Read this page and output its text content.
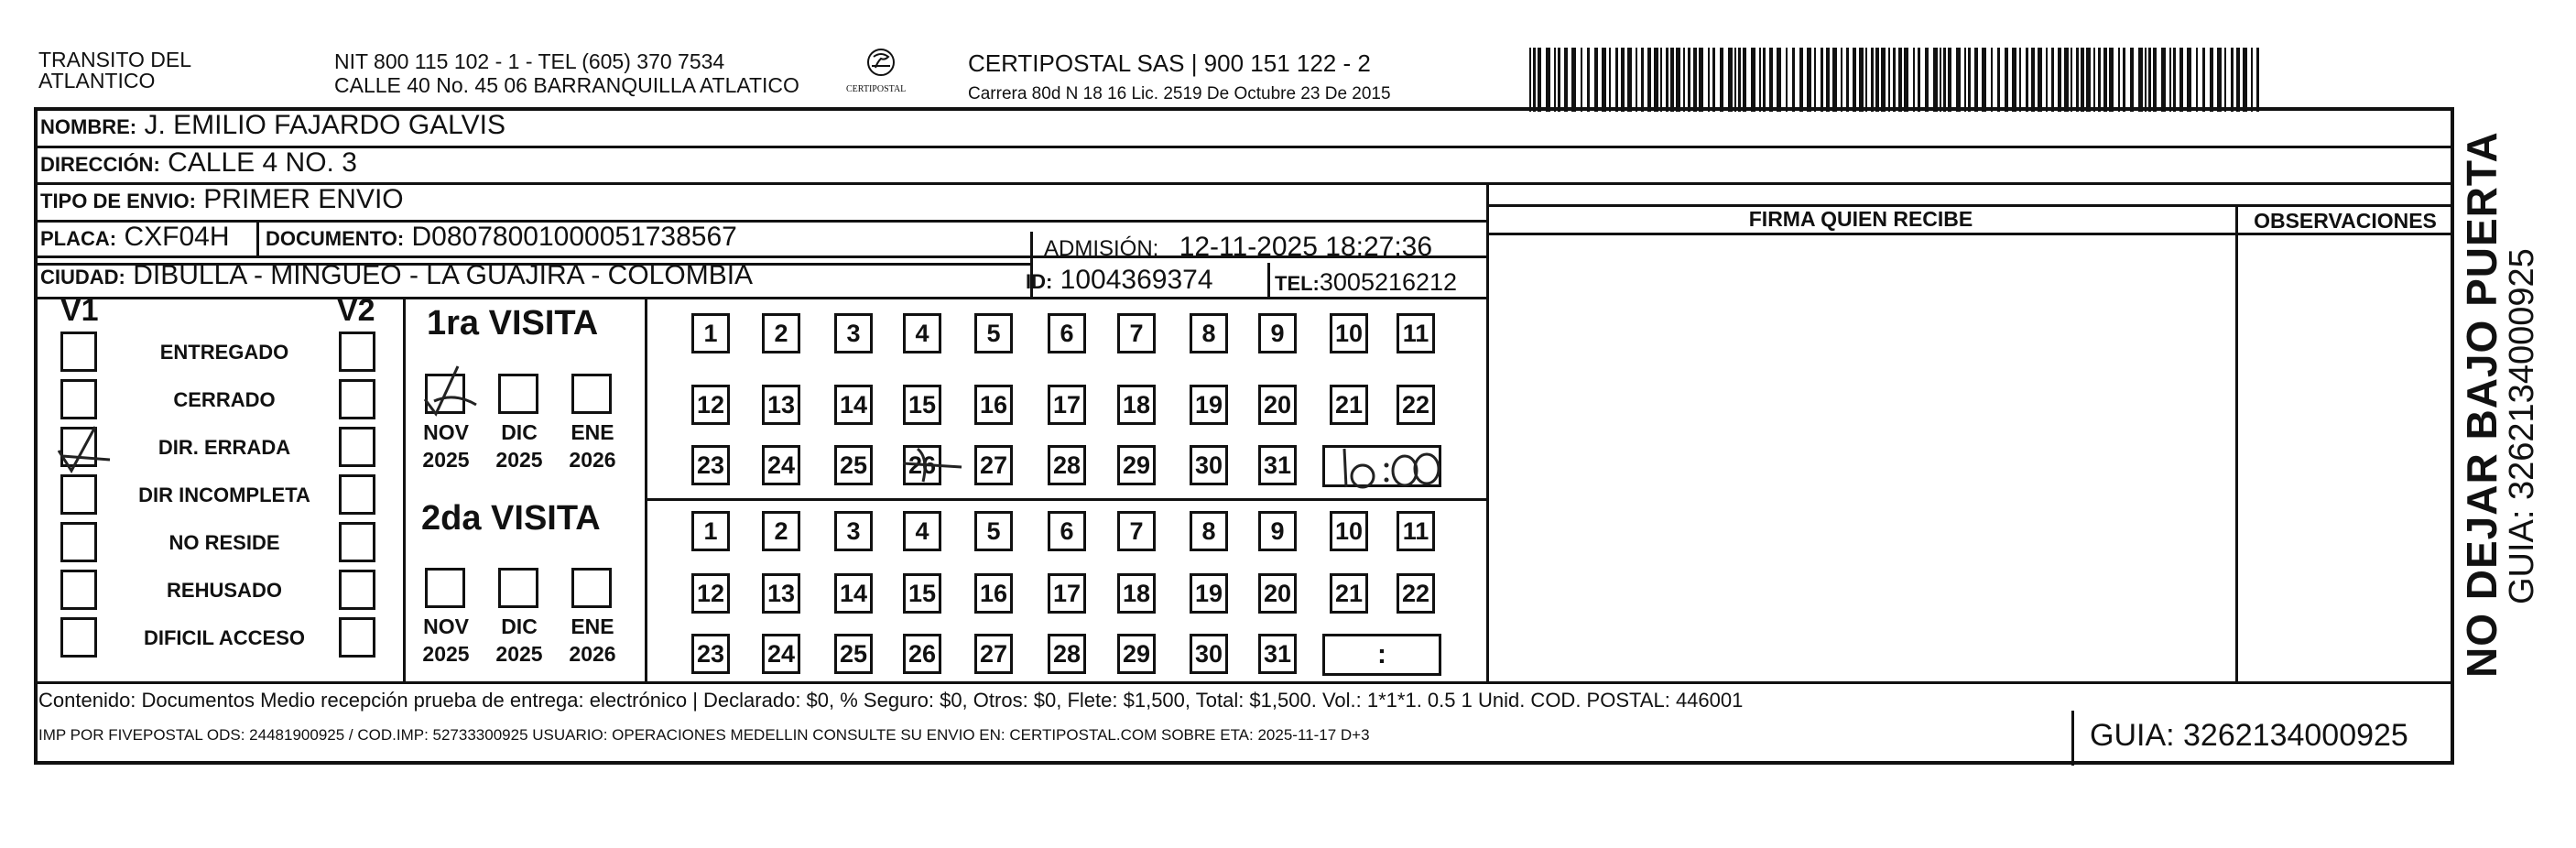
TRANSITO DEL
ATLANTICO
NIT 800 115 102 - 1 - TEL (605) 370 7534
CALLE 40 No. 45 06 BARRANQUILLA ATLATICO	CERTIPOSTAL
CERTIPOSTAL SAS | 900 151 122 - 2
Carrera 80d N 18 16 Lic. 2519 De Octubre 23 De 2015
NOMBRE: J. EMILIO FAJARDO GALVIS
DIRECCIÓN: CALLE 4 NO. 3
TIPO DE ENVIO: PRIMER ENVIO
FIRMA QUIEN RECIBE	OBSERVACIONES
PLACA: CXF04H DOCUMENTO: D08078001000051738567	ADMISIÓN: 12-11-2025 18:27:36
CIUDAD: DIBULLA - MINGUEO - LA GUAJIRA - COLOMBIA	ID: 1004369374	TEL:3005216212
V1	V2
ENTREGADO
CERRADO
DIR. ERRADA
DIR INCOMPLETA
NO RESIDE
REHUSADO
DIFICIL ACCESO
1ra VISITA
2da VISITA
NOV
2025
DIC
2025
ENE
2026
NOV
2025
DIC
2025
ENE
2026
1	2	3	4	5	6	7	8	9	10 11
12 13 14 15 16 17 18 19 20 21 22
23 24 25 26 27 28 29 30 31
1	2	3	4	5	6	7	8	9	10 11
12 13 14 15 16 17 18 19 20 21 22
23 24 25 26 27 28 29 30 31	:
Contenido: Documentos Medio recepción prueba de entrega: electrónico | Declarado: $0, % Seguro: $0, Otros: $0, Flete: $1,500, Total: $1,500. Vol.: 1*1*1. 0.5 1 Unid. COD. POSTAL: 446001
IMP POR FIVEPOSTAL ODS: 24481900925 / COD.IMP: 52733300925 USUARIO: OPERACIONES MEDELLIN CONSULTE SU ENVIO EN: CERTIPOSTAL.COM SOBRE ETA: 2025-11-17 D+3	GUIA: 3262134000925
NO DEJAR BAJO PUERTA
GUIA: 3262134000925
